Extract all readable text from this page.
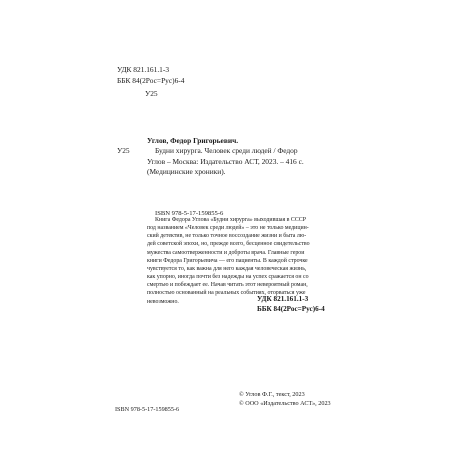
УДК 821.161.1-3

ББК 84(2Рос=Рус)6-4

У25

У25

Углов, Федор Григорьевич.
Будни хирурга. Человек среди людей / Федор
Углов – Москва: Издательство АСТ, 2023. – 416 с.
(Медицинские хроники).

ISBN 978-5-17-159855-6

Книга Федора Углова «Будни хирурга» выходившая в СССР
под названием «Человек среди людей» – это не только медицин-
ский детектив, не только точное воссоздание жизни и быта лю-
дей советской эпохи, но, прежде всего, бесценное свидетельство
мужества самоотверженности и доброты врача. Главные герои
книги Федора Григорьевича — его пациенты. В каждой строчке
чувствуется то, как важна для него каждая человеческая жизнь,
как упорно, иногда почти без надежды на успех сражается он со
смертью и побеждает ее. Начав читать этот невероятный роман,
полностью основанный на реальных событиях, оторваться уже
невозможно.	УДК 821.161.1-3
ББК 84(2Рос=Рус)6-4

ISBN 978-5-17-159855-6

© Углов Ф.Г., текст, 2023
© ООО «Издательство АСТ», 2023
